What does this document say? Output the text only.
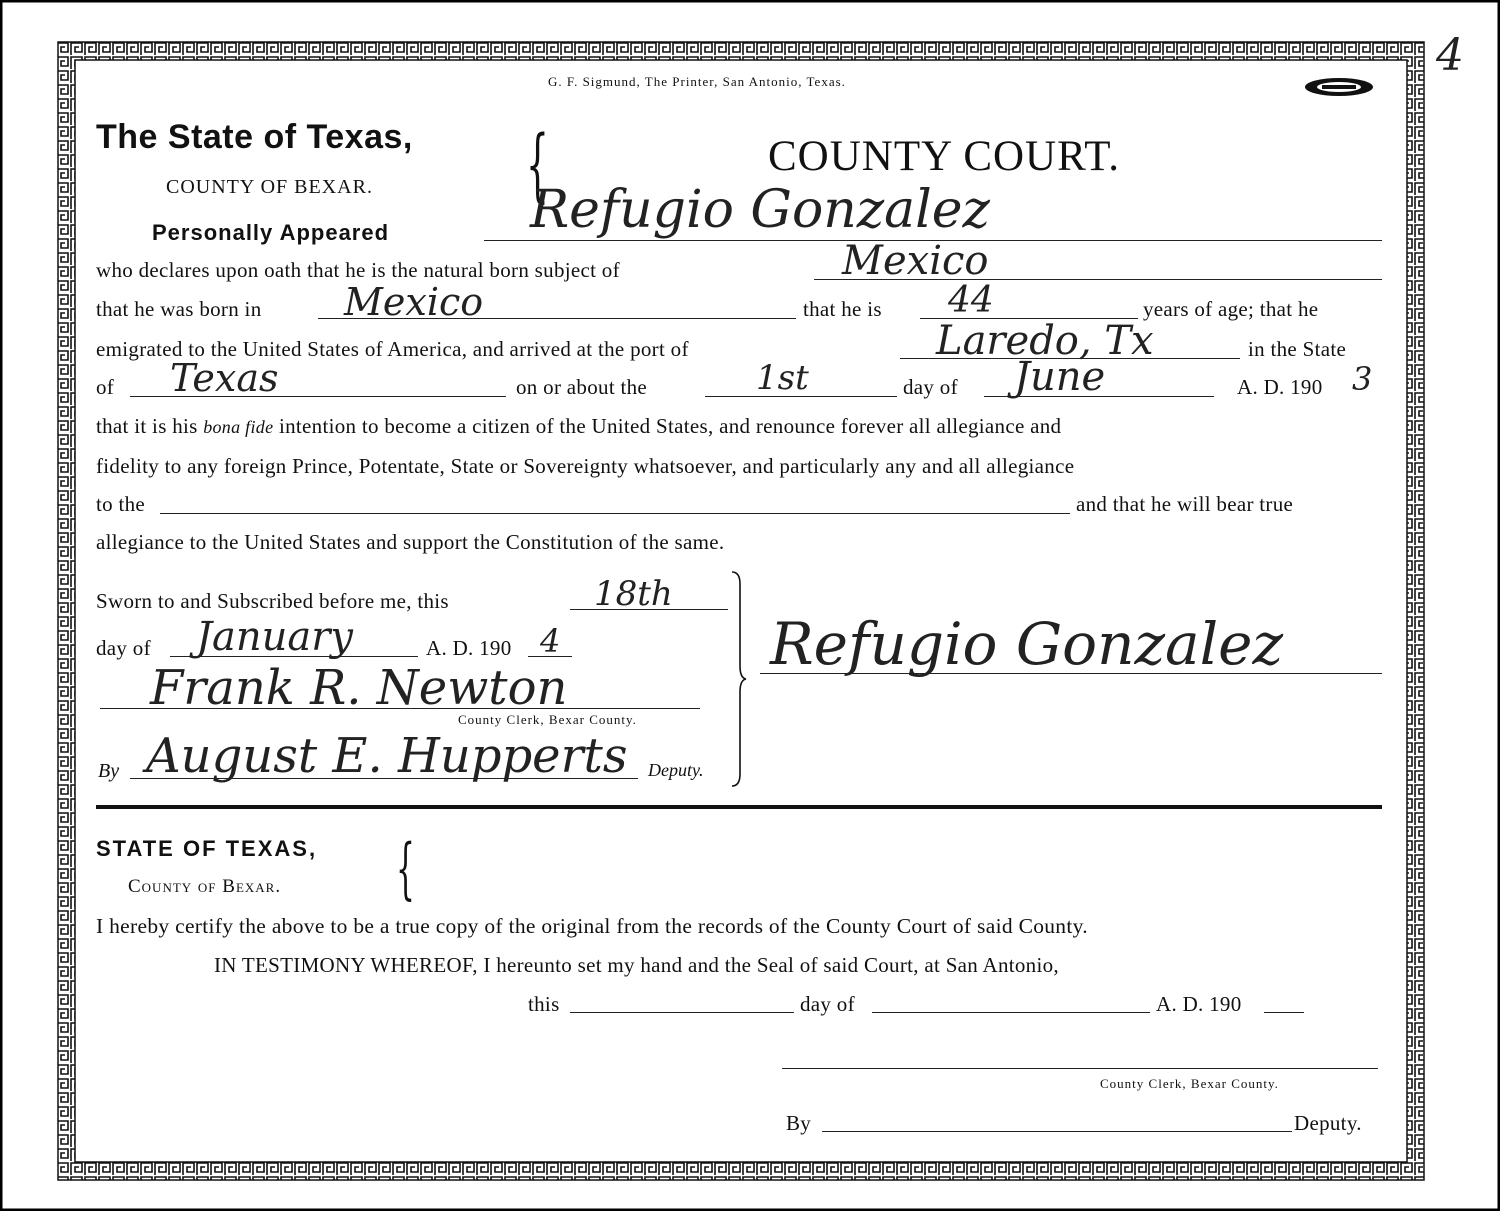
4
G. F. Sigmund, The Printer, San Antonio, Texas.
The State of Texas,
COUNTY OF BEXAR. {	COUNTY COURT.
Personally Appeared	Refugio Gonzalez
who declares upon oath that he is the natural born subject of	Mexico
that he was born in Mexico	that he is 44	years of age; that he
emigrated to the United States of America, and arrived at the port of	Laredo, Tx	in the State
of Texas	on or about the	1st	day of June	A. D. 190 3
that it is his bona fide intention to become a citizen of the United States, and renounce forever all allegiance and
fidelity to any foreign Prince, Potentate, State or Sovereignty whatsoever, and particularly any and all allegiance
to the	and that he will bear true
allegiance to the United States and support the Constitution of the same.
Sworn to and Subscribed before me, this	18th
day of January	A. D. 190 4
Frank R. Newton
County Clerk, Bexar County.
By August E. Hupperts Deputy.
Refugio Gonzalez
STATE OF TEXAS,
County of Bexar. {
I hereby certify the above to be a true copy of the original from the records of the County Court of said County.
IN TESTIMONY WHEREOF, I hereunto set my hand and the Seal of said Court, at San Antonio,
this	day of	A. D. 190
County Clerk, Bexar County.
By	Deputy.
